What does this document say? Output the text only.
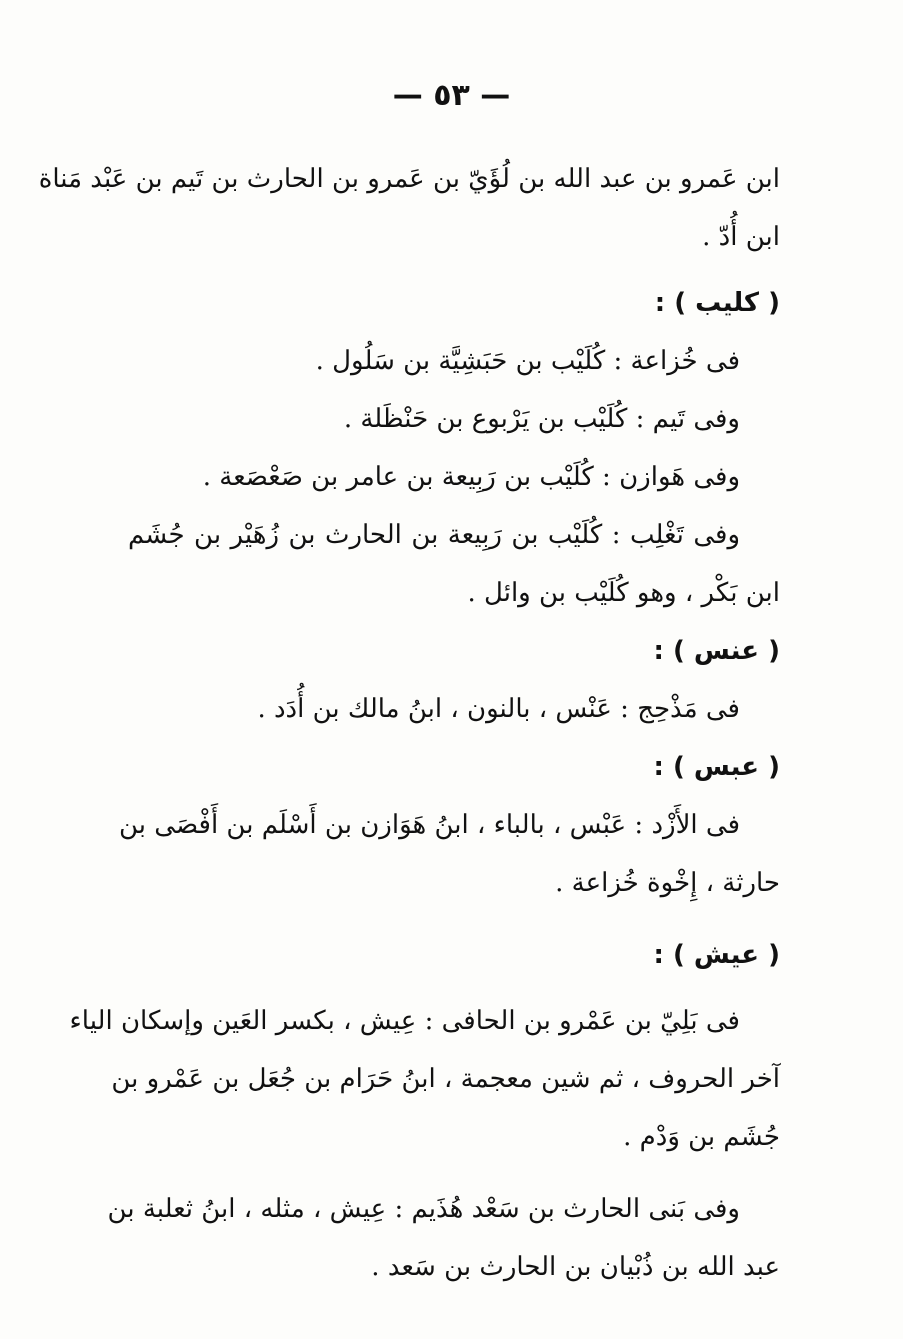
— ٥٣ —
ابن عَمرو بن عبد الله بن لُؤَيّ بن عَمرو بن الحارث بن تَيم بن عَبْد مَناة
ابن أُدّ .
( كليب ) :
فى خُزاعة : كُلَيْب بن حَبَشِيَّة بن سَلُول .
وفى تَيم : كُلَيْب بن يَرْبوع بن حَنْظَلة .
وفى هَوازن : كُلَيْب بن رَبِيعة بن عامر بن صَعْصَعة .
وفى تَغْلِب : كُلَيْب بن رَبِيعة بن الحارث بن زُهَيْر بن جُشَم
ابن بَكْر ، وهو كُلَيْب بن وائل .
( عنس ) :
فى مَذْحِج : عَنْس ، بالنون ، ابنُ مالك بن أُدَد .
( عبس ) :
فى الأَزْد : عَبْس ، بالباء ، ابنُ هَوَازن بن أَسْلَم بن أَفْصَى بن
حارثة ، إِخْوة خُزاعة .
( عيش ) :
فى بَلِيّ بن عَمْرو بن الحافى : عِيش ، بكسر العَين وإسكان الياء
آخر الحروف ، ثم شين معجمة ، ابنُ حَرَام بن جُعَل بن عَمْرو بن
جُشَم بن وَدْم .
وفى بَنى الحارث بن سَعْد هُذَيم : عِيش ، مثله ، ابنُ ثعلبة بن
عبد الله بن ذُبْيان بن الحارث بن سَعد .
